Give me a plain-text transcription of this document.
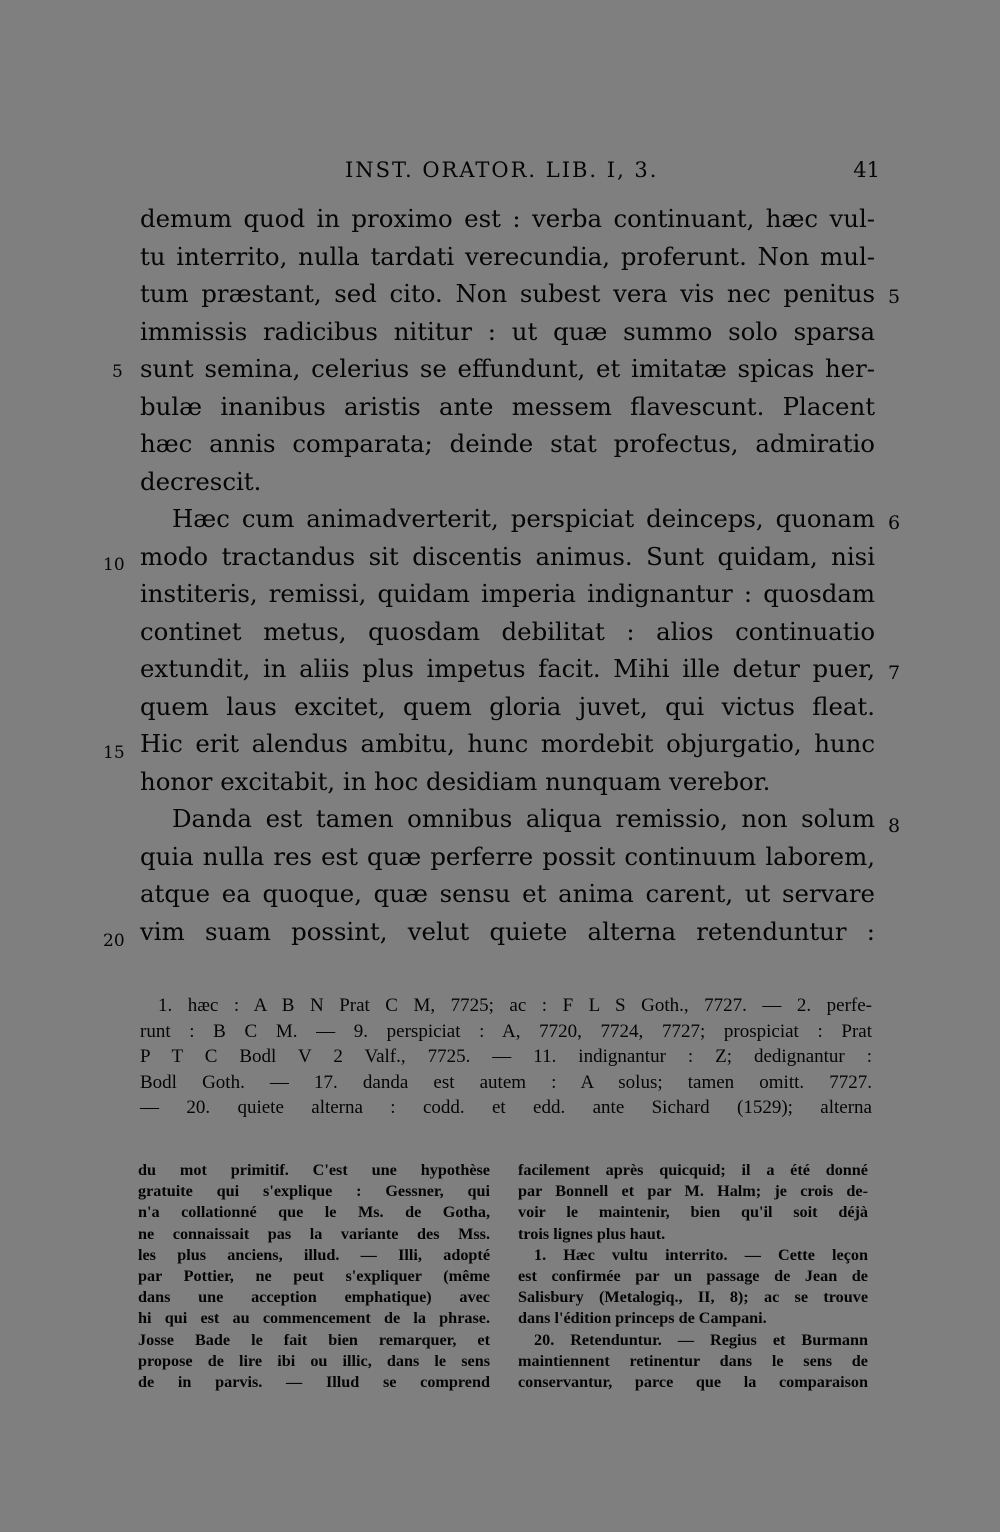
INST. ORATOR. LIB. I, 3.	41
demum quod in proximo est : verba continuant, hæc vul-
tu interrito, nulla tardati verecundia, proferunt. Non mul-
tum præstant, sed cito. Non subest vera vis nec penitus
immissis radicibus nititur : ut quæ summo solo sparsa
sunt semina, celerius se effundunt, et imitatæ spicas her-
bulæ inanibus aristis ante messem flavescunt. Placent
hæc annis comparata; deinde stat profectus, admiratio
decrescit.
Hæc cum animadverterit, perspiciat deinceps, quonam
modo tractandus sit discentis animus. Sunt quidam, nisi
institeris, remissi, quidam imperia indignantur : quosdam
continet metus, quosdam debilitat : alios continuatio
extundit, in aliis plus impetus facit. Mihi ille detur puer,
quem laus excitet, quem gloria juvet, qui victus fleat.
Hic erit alendus ambitu, hunc mordebit objurgatio, hunc
honor excitabit, in hoc desidiam nunquam verebor.
Danda est tamen omnibus aliqua remissio, non solum
quia nulla res est quæ perferre possit continuum laborem,
atque ea quoque, quæ sensu et anima carent, ut servare
vim suam possint, velut quiete alterna retenduntur :
5
10
15
20
5
6
7
8
1. hæc : A B N Prat C M, 7725; ac : F L S Goth., 7727. — 2. perfe-
runt : B C M. — 9. perspiciat : A, 7720, 7724, 7727; prospiciat : Prat
P T C Bodl V 2 Valf., 7725. — 11. indignantur : Z; dedignantur :
Bodl Goth. — 17. danda est autem : A solus; tamen omitt. 7727.
— 20. quiete alterna : codd. et edd. ante Sichard (1529); alterna
du mot primitif. C'est une hypothèse
gratuite qui s'explique : Gessner, qui
n'a collationné que le Ms. de Gotha,
ne connaissait pas la variante des Mss.
les plus anciens, illud. — Illi, adopté
par Pottier, ne peut s'expliquer (même
dans une acception emphatique) avec
hi qui est au commencement de la phrase.
Josse Bade le fait bien remarquer, et
propose de lire ibi ou illic, dans le sens
de in parvis. — Illud se comprend
facilement après quicquid; il a été donné
par Bonnell et par M. Halm; je crois de-
voir le maintenir, bien qu'il soit déjà
trois lignes plus haut.
1. Hæc vultu interrito. — Cette leçon
est confirmée par un passage de Jean de
Salisbury (Metalogiq., II, 8); ac se trouve
dans l'édition princeps de Campani.
20. Retenduntur. — Regius et Burmann
maintiennent retinentur dans le sens de
conservantur, parce que la comparaison
